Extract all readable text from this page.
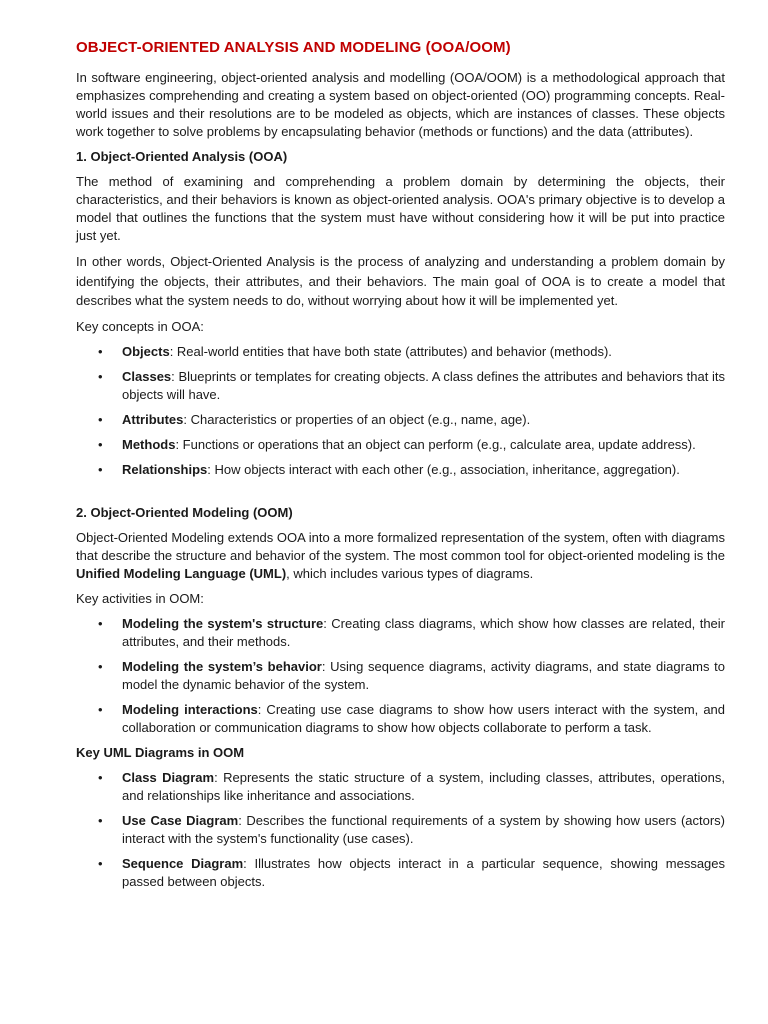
OBJECT-ORIENTED ANALYSIS AND MODELING (OOA/OOM)

In software engineering, object-oriented analysis and modelling (OOA/OOM) is a methodological approach that emphasizes comprehending and creating a system based on object-oriented (OO) programming concepts. Real-world issues and their resolutions are to be modeled as objects, which are instances of classes. These objects work together to solve problems by encapsulating behavior (methods or functions) and the data (attributes).

1. Object-Oriented Analysis (OOA)

The method of examining and comprehending a problem domain by determining the objects, their characteristics, and their behaviors is known as object-oriented analysis. OOA's primary objective is to develop a model that outlines the functions that the system must have without considering how it will be put into practice just yet.

In other words, Object-Oriented Analysis is the process of analyzing and understanding a problem domain by identifying the objects, their attributes, and their behaviors. The main goal of OOA is to create a model that describes what the system needs to do, without worrying about how it will be implemented yet.

Key concepts in OOA:

• Objects: Real-world entities that have both state (attributes) and behavior (methods).
• Classes: Blueprints or templates for creating objects. A class defines the attributes and behaviors that its objects will have.
• Attributes: Characteristics or properties of an object (e.g., name, age).
• Methods: Functions or operations that an object can perform (e.g., calculate area, update address).
• Relationships: How objects interact with each other (e.g., association, inheritance, aggregation).
2. Object-Oriented Modeling (OOM)

Object-Oriented Modeling extends OOA into a more formalized representation of the system, often with diagrams that describe the structure and behavior of the system. The most common tool for object-oriented modeling is the Unified Modeling Language (UML), which includes various types of diagrams.

Key activities in OOM:

• Modeling the system's structure: Creating class diagrams, which show how classes are related, their attributes, and their methods.
• Modeling the system’s behavior: Using sequence diagrams, activity diagrams, and state diagrams to model the dynamic behavior of the system.
• Modeling interactions: Creating use case diagrams to show how users interact with the system, and collaboration or communication diagrams to show how objects collaborate to perform a task.
Key UML Diagrams in OOM
• Class Diagram: Represents the static structure of a system, including classes, attributes, operations, and relationships like inheritance and associations.
• Use Case Diagram: Describes the functional requirements of a system by showing how users (actors) interact with the system's functionality (use cases).
• Sequence Diagram: Illustrates how objects interact in a particular sequence, showing messages passed between objects.
